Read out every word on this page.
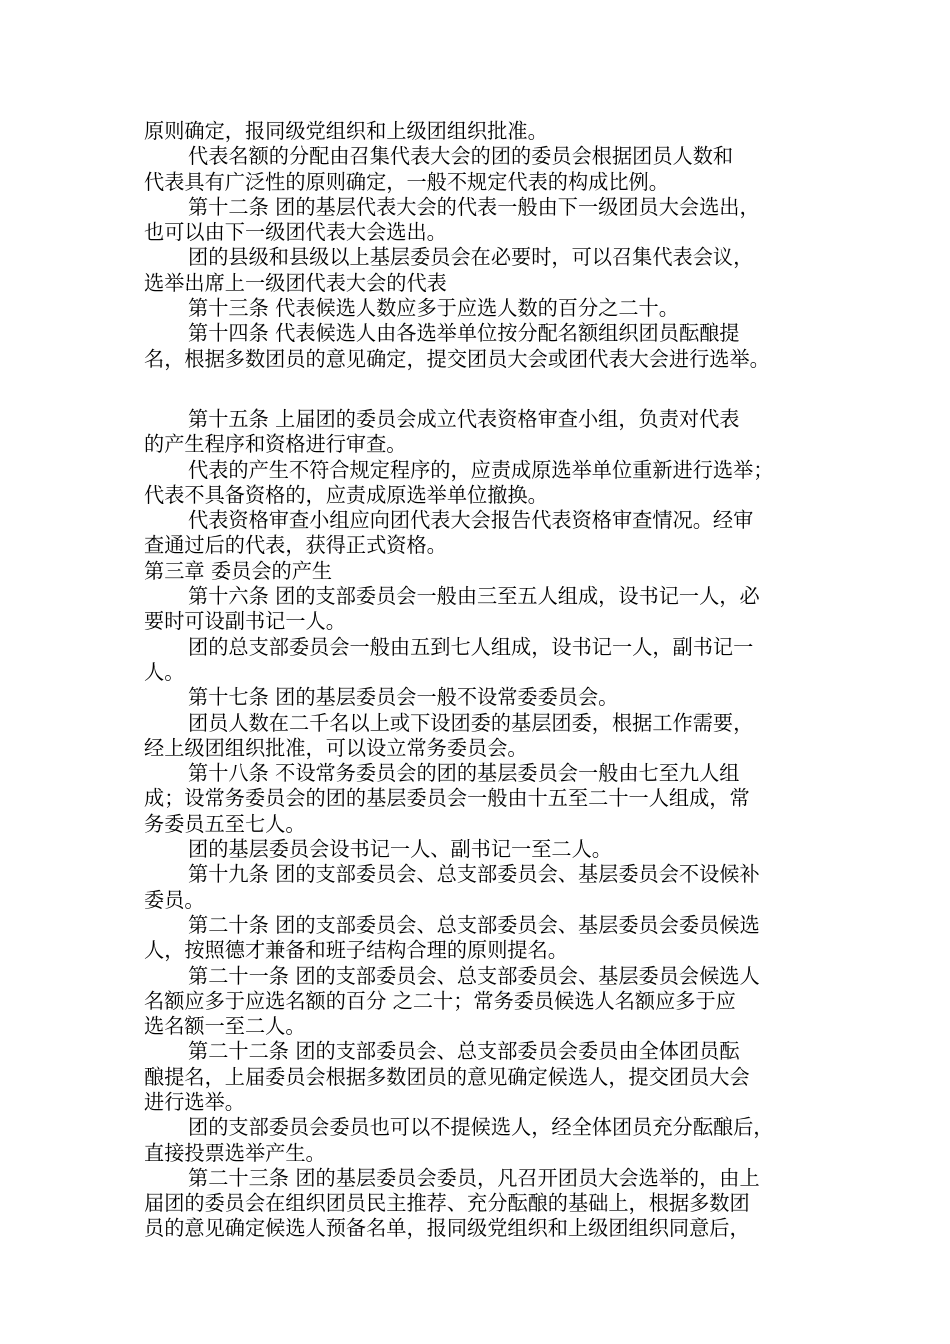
原则确定，报同级党组织和上级团组织批准。
代表名额的分配由召集代表大会的团的委员会根据团员人数和
代表具有广泛性的原则确定，一般不规定代表的构成比例。
第十二条 团的基层代表大会的代表一般由下一级团员大会选出，
也可以由下一级团代表大会选出。
团的县级和县级以上基层委员会在必要时，可以召集代表会议，
选举出席上一级团代表大会的代表
第十三条 代表候选人数应多于应选人数的百分之二十。
第十四条 代表候选人由各选举单位按分配名额组织团员酝酿提
名，根据多数团员的意见确定，提交团员大会或团代表大会进行选举。
第十五条 上届团的委员会成立代表资格审查小组，负责对代表
的产生程序和资格进行审查。
代表的产生不符合规定程序的，应责成原选举单位重新进行选举；
代表不具备资格的，应责成原选举单位撤换。
代表资格审查小组应向团代表大会报告代表资格审查情况。经审
查通过后的代表，获得正式资格。
第三章 委员会的产生
第十六条 团的支部委员会一般由三至五人组成，设书记一人，必
要时可设副书记一人。
团的总支部委员会一般由五到七人组成，设书记一人，副书记一
人。
第十七条 团的基层委员会一般不设常委委员会。
团员人数在二千名以上或下设团委的基层团委，根据工作需要，
经上级团组织批准，可以设立常务委员会。
第十八条 不设常务委员会的团的基层委员会一般由七至九人组
成；设常务委员会的团的基层委员会一般由十五至二十一人组成，常
务委员五至七人。
团的基层委员会设书记一人、副书记一至二人。
第十九条 团的支部委员会、总支部委员会、基层委员会不设候补
委员。
第二十条 团的支部委员会、总支部委员会、基层委员会委员候选
人，按照德才兼备和班子结构合理的原则提名。
第二十一条 团的支部委员会、总支部委员会、基层委员会候选人
名额应多于应选名额的百分 之二十；常务委员候选人名额应多于应
选名额一至二人。
第二十二条 团的支部委员会、总支部委员会委员由全体团员酝
酿提名，上届委员会根据多数团员的意见确定候选人，提交团员大会
进行选举。
团的支部委员会委员也可以不提候选人，经全体团员充分酝酿后，
直接投票选举产生。
第二十三条 团的基层委员会委员，凡召开团员大会选举的，由上
届团的委员会在组织团员民主推荐、充分酝酿的基础上，根据多数团
员的意见确定候选人预备名单，报同级党组织和上级团组织同意后，
